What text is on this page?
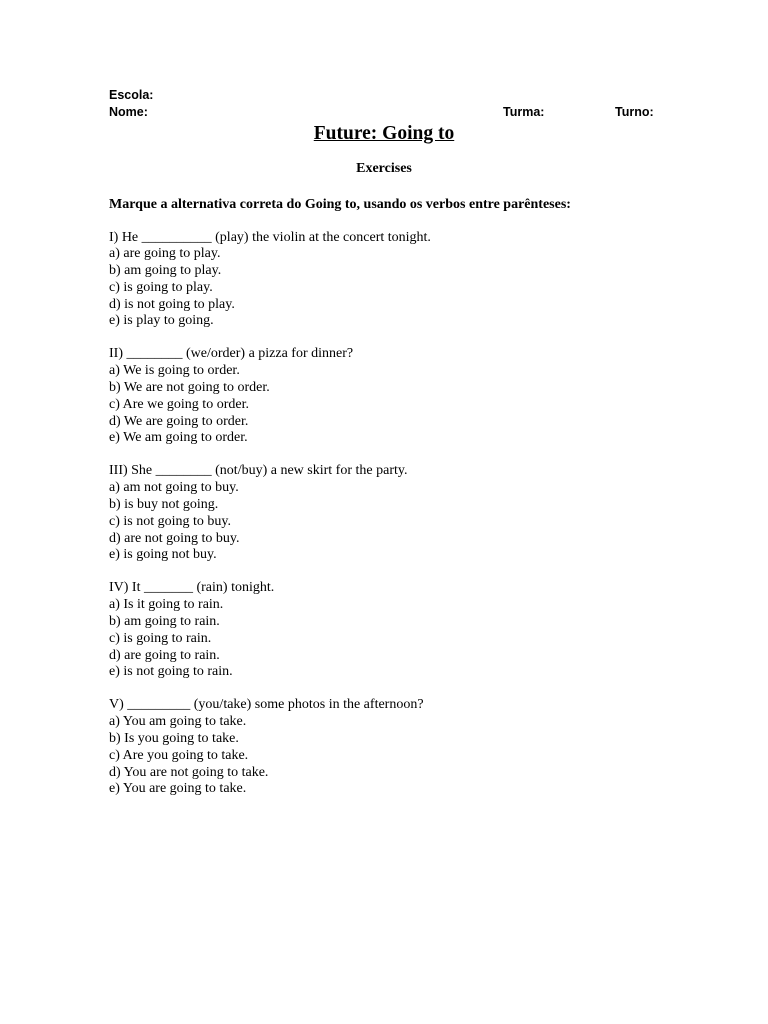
Escola:
Nome:	Turma:	Turno:
Future: Going to
Exercises
Marque a alternativa correta do Going to, usando os verbos entre parênteses:
I) He __________ (play) the violin at the concert tonight.
a) are going to play.
b) am going to play.
c) is going to play.
d) is not going to play.
e) is play to going.
II) ________ (we/order) a pizza for dinner?
a) We is going to order.
b) We are not going to order.
c) Are we going to order.
d) We are going to order.
e) We am going to order.
III) She ________ (not/buy) a new skirt for the party.
a) am not going to buy.
b) is buy not going.
c) is not going to buy.
d) are not going to buy.
e) is going not buy.
IV) It _______ (rain) tonight.
a) Is it going to rain.
b) am going to rain.
c) is going to rain.
d) are going to rain.
e) is not going to rain.
V) _________ (you/take) some photos in the afternoon?
a) You am going to take.
b) Is you going to take.
c) Are you going to take.
d) You are not going to take.
e) You are going to take.
